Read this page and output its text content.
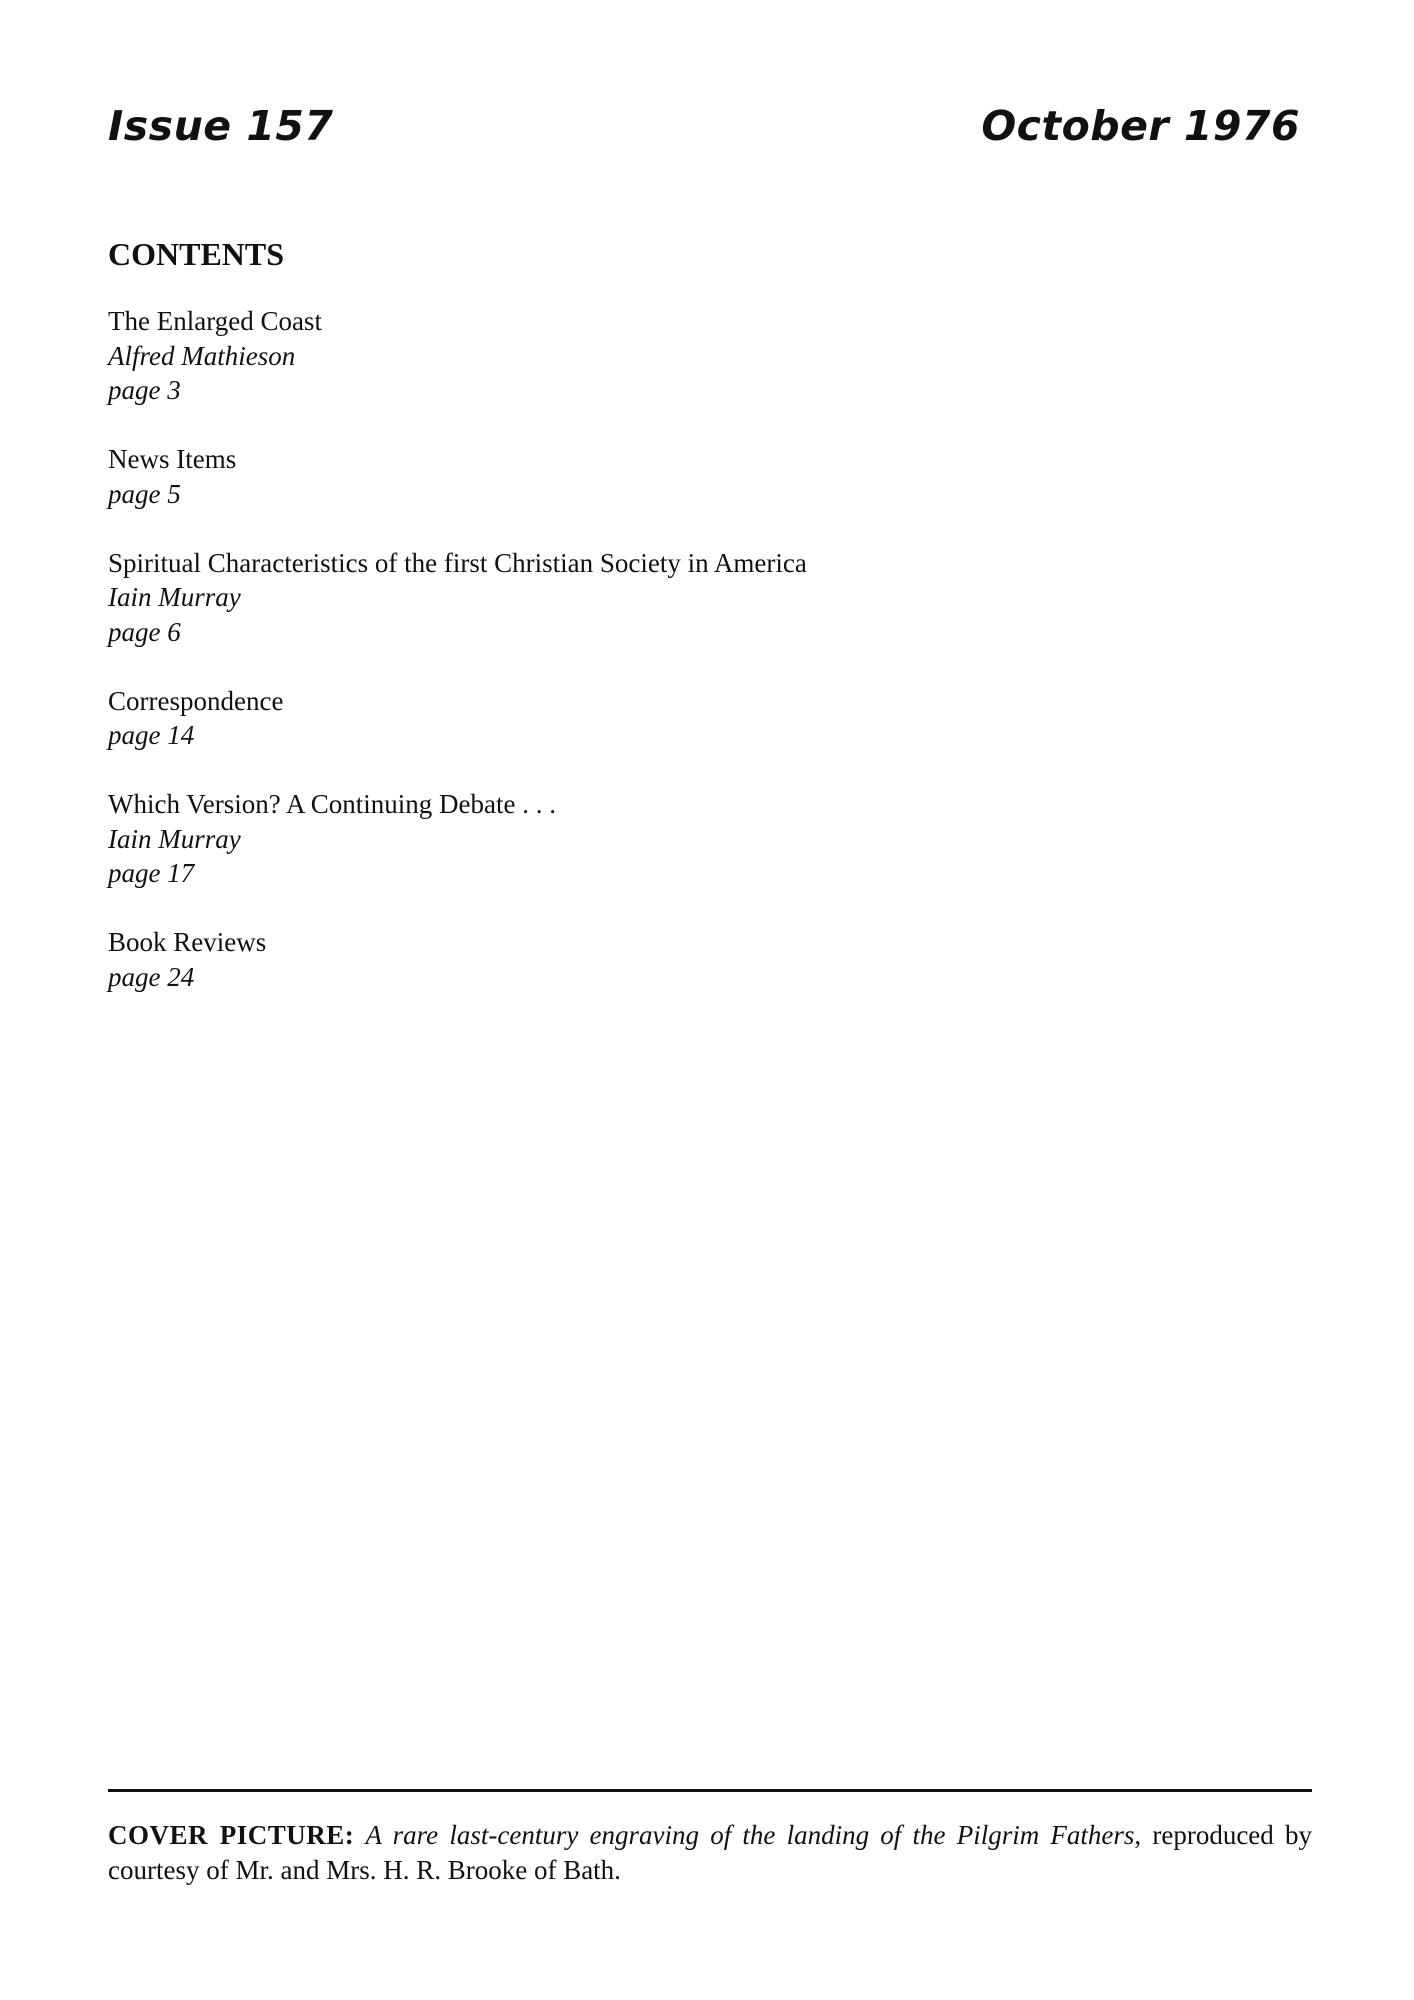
Issue 157	October 1976
CONTENTS
The Enlarged Coast
Alfred Mathieson
page 3
News Items
page 5
Spiritual Characteristics of the first Christian Society in America
Iain Murray
page 6
Correspondence
page 14
Which Version? A Continuing Debate . . .
Iain Murray
page 17
Book Reviews
page 24
COVER PICTURE: A rare last-century engraving of the landing of the Pilgrim Fathers, reproduced by courtesy of Mr. and Mrs. H. R. Brooke of Bath.
